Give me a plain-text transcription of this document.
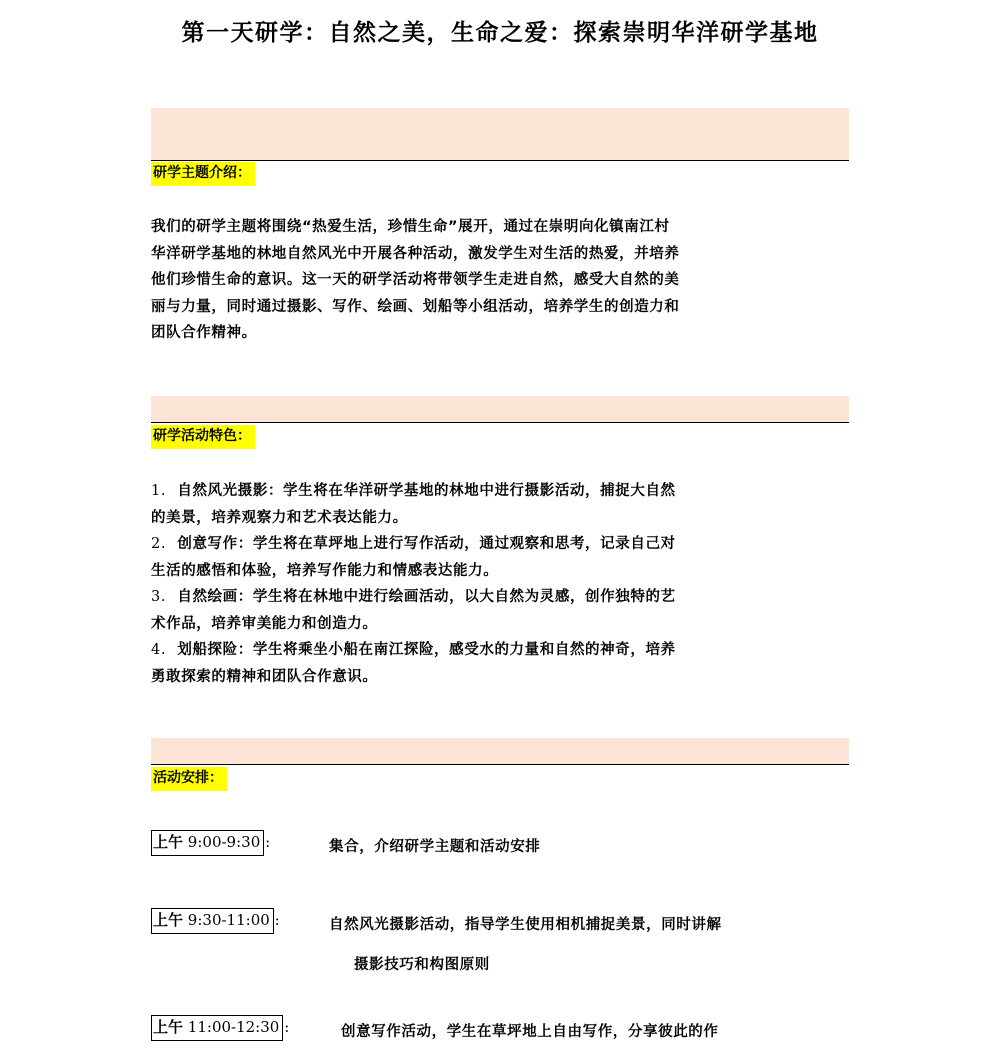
第一天研学：自然之美，生命之爱：探索崇明华洋研学基地
研学主题介绍：
我们的研学主题将围绕“热爱生活，珍惜生命”展开，通过在崇明向化镇南江村
华洋研学基地的林地自然风光中开展各种活动，激发学生对生活的热爱，并培养
他们珍惜生命的意识。这一天的研学活动将带领学生走进自然，感受大自然的美
丽与力量，同时通过摄影、写作、绘画、划船等小组活动，培养学生的创造力和
团队合作精神。
研学活动特色：
1. 自然风光摄影：学生将在华洋研学基地的林地中进行摄影活动，捕捉大自然
的美景，培养观察力和艺术表达能力。
2. 创意写作：学生将在草坪地上进行写作活动，通过观察和思考，记录自己对
生活的感悟和体验，培养写作能力和情感表达能力。
3. 自然绘画：学生将在林地中进行绘画活动，以大自然为灵感，创作独特的艺
术作品，培养审美能力和创造力。
4. 划船探险：学生将乘坐小船在南江探险，感受水的力量和自然的神奇，培养
勇敢探索的精神和团队合作意识。
活动安排：
上午 9:00-9:30 :	集合，介绍研学主题和活动安排
上午 9:30-11:00 :	自然风光摄影活动，指导学生使用相机捕捉美景，同时讲解
摄影技巧和构图原则
上午 11:00-12:30 :	创意写作活动，学生在草坪地上自由写作，分享彼此的作
